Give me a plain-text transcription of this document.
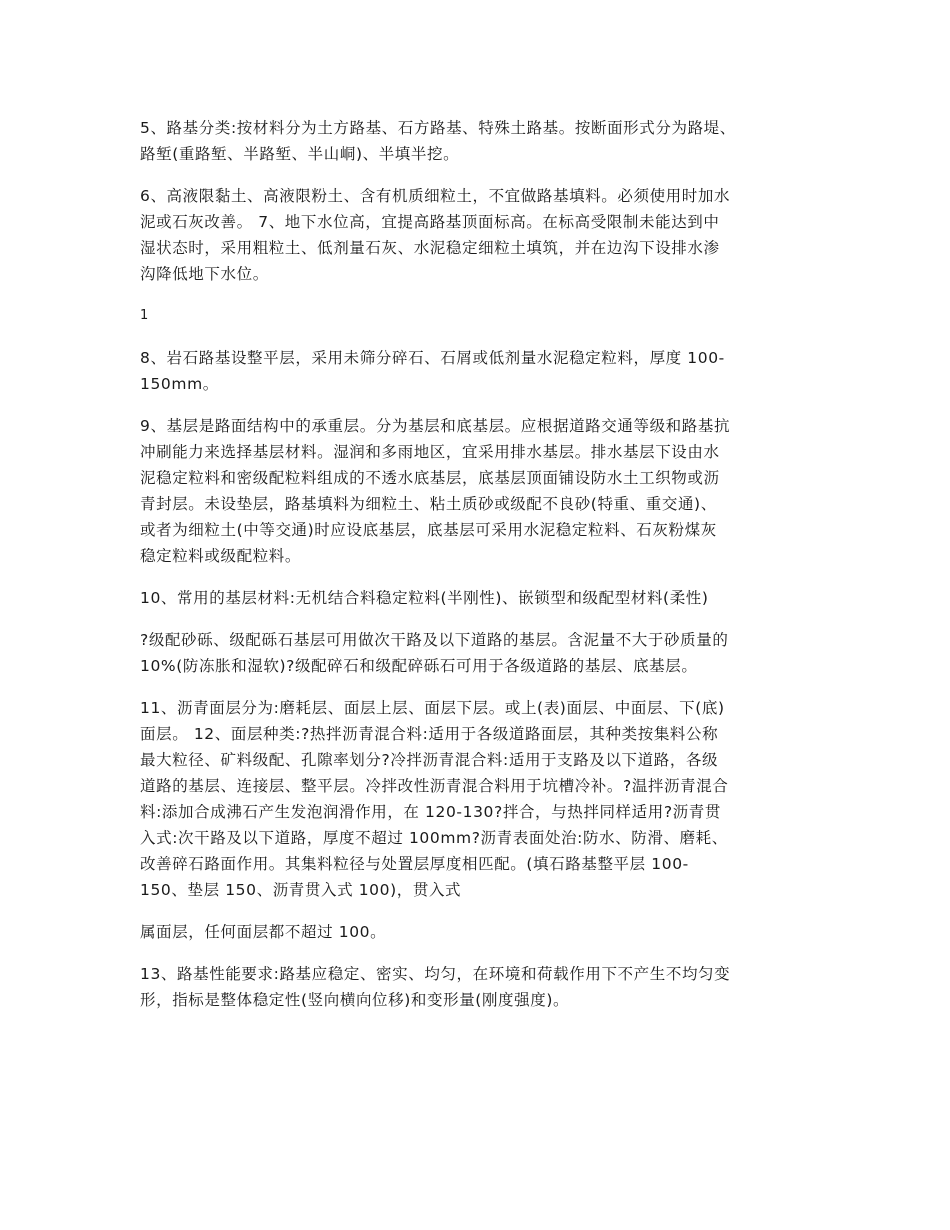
5、路基分类:按材料分为土方路基、石方路基、特殊土路基。按断面形式分为路堤、
路堑(重路堑、半路堑、半山峒)、半填半挖。

6、高液限黏土、高液限粉土、含有机质细粒土，不宜做路基填料。必须使用时加水
泥或石灰改善。 7、地下水位高，宜提高路基顶面标高。在标高受限制未能达到中
湿状态时，采用粗粒土、低剂量石灰、水泥稳定细粒土填筑，并在边沟下设排水渗
沟降低地下水位。

1

8、岩石路基设整平层，采用未筛分碎石、石屑或低剂量水泥稳定粒料，厚度 100-
150mm。

9、基层是路面结构中的承重层。分为基层和底基层。应根据道路交通等级和路基抗
冲刷能力来选择基层材料。湿润和多雨地区，宜采用排水基层。排水基层下设由水
泥稳定粒料和密级配粒料组成的不透水底基层，底基层顶面铺设防水土工织物或沥
青封层。未设垫层，路基填料为细粒土、粘土质砂或级配不良砂(特重、重交通)、
或者为细粒土(中等交通)时应设底基层，底基层可采用水泥稳定粒料、石灰粉煤灰
稳定粒料或级配粒料。

10、常用的基层材料:无机结合料稳定粒料(半刚性)、嵌锁型和级配型材料(柔性)

?级配砂砾、级配砾石基层可用做次干路及以下道路的基层。含泥量不大于砂质量的
10%(防冻胀和湿软)?级配碎石和级配碎砾石可用于各级道路的基层、底基层。

11、沥青面层分为:磨耗层、面层上层、面层下层。或上(表)面层、中面层、下(底)
面层。 12、面层种类:?热拌沥青混合料:适用于各级道路面层，其种类按集料公称
最大粒径、矿料级配、孔隙率划分?冷拌沥青混合料:适用于支路及以下道路，各级
道路的基层、连接层、整平层。冷拌改性沥青混合料用于坑槽冷补。?温拌沥青混合
料:添加合成沸石产生发泡润滑作用，在 120-130?拌合，与热拌同样适用?沥青贯
入式:次干路及以下道路，厚度不超过 100mm?沥青表面处治:防水、防滑、磨耗、
改善碎石路面作用。其集料粒径与处置层厚度相匹配。(填石路基整平层 100-
150、垫层 150、沥青贯入式 100)，贯入式

属面层，任何面层都不超过 100。

13、路基性能要求:路基应稳定、密实、均匀，在环境和荷载作用下不产生不均匀变
形，指标是整体稳定性(竖向横向位移)和变形量(刚度强度)。
